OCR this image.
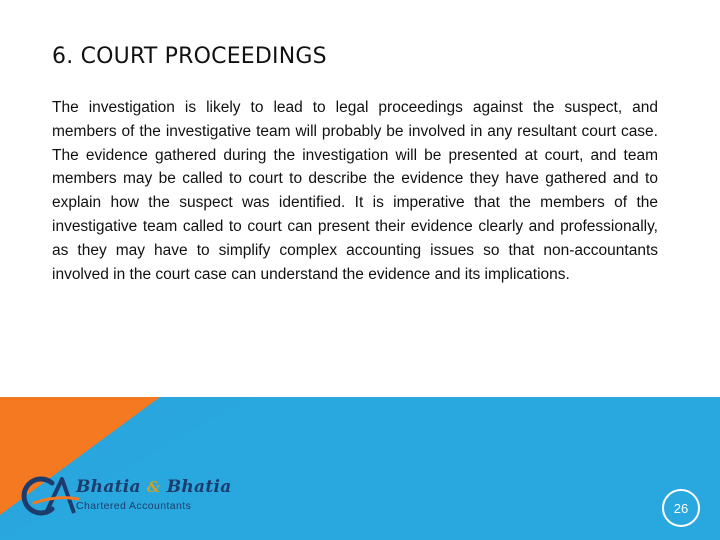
6. COURT PROCEEDINGS

The investigation is likely to lead to legal proceedings against the suspect, and members of the investigative team will probably be involved in any resultant court case. The evidence gathered during the investigation will be presented at court, and team members may be called to court to describe the evidence they have gathered and to explain how the suspect was identified. It is imperative that the members of the investigative team called to court can present their evidence clearly and professionally, as they may have to simplify complex accounting issues so that non-accountants involved in the court case can understand the evidence and its implications.

Bhatia & Bhatia
Chartered Accountants	26
